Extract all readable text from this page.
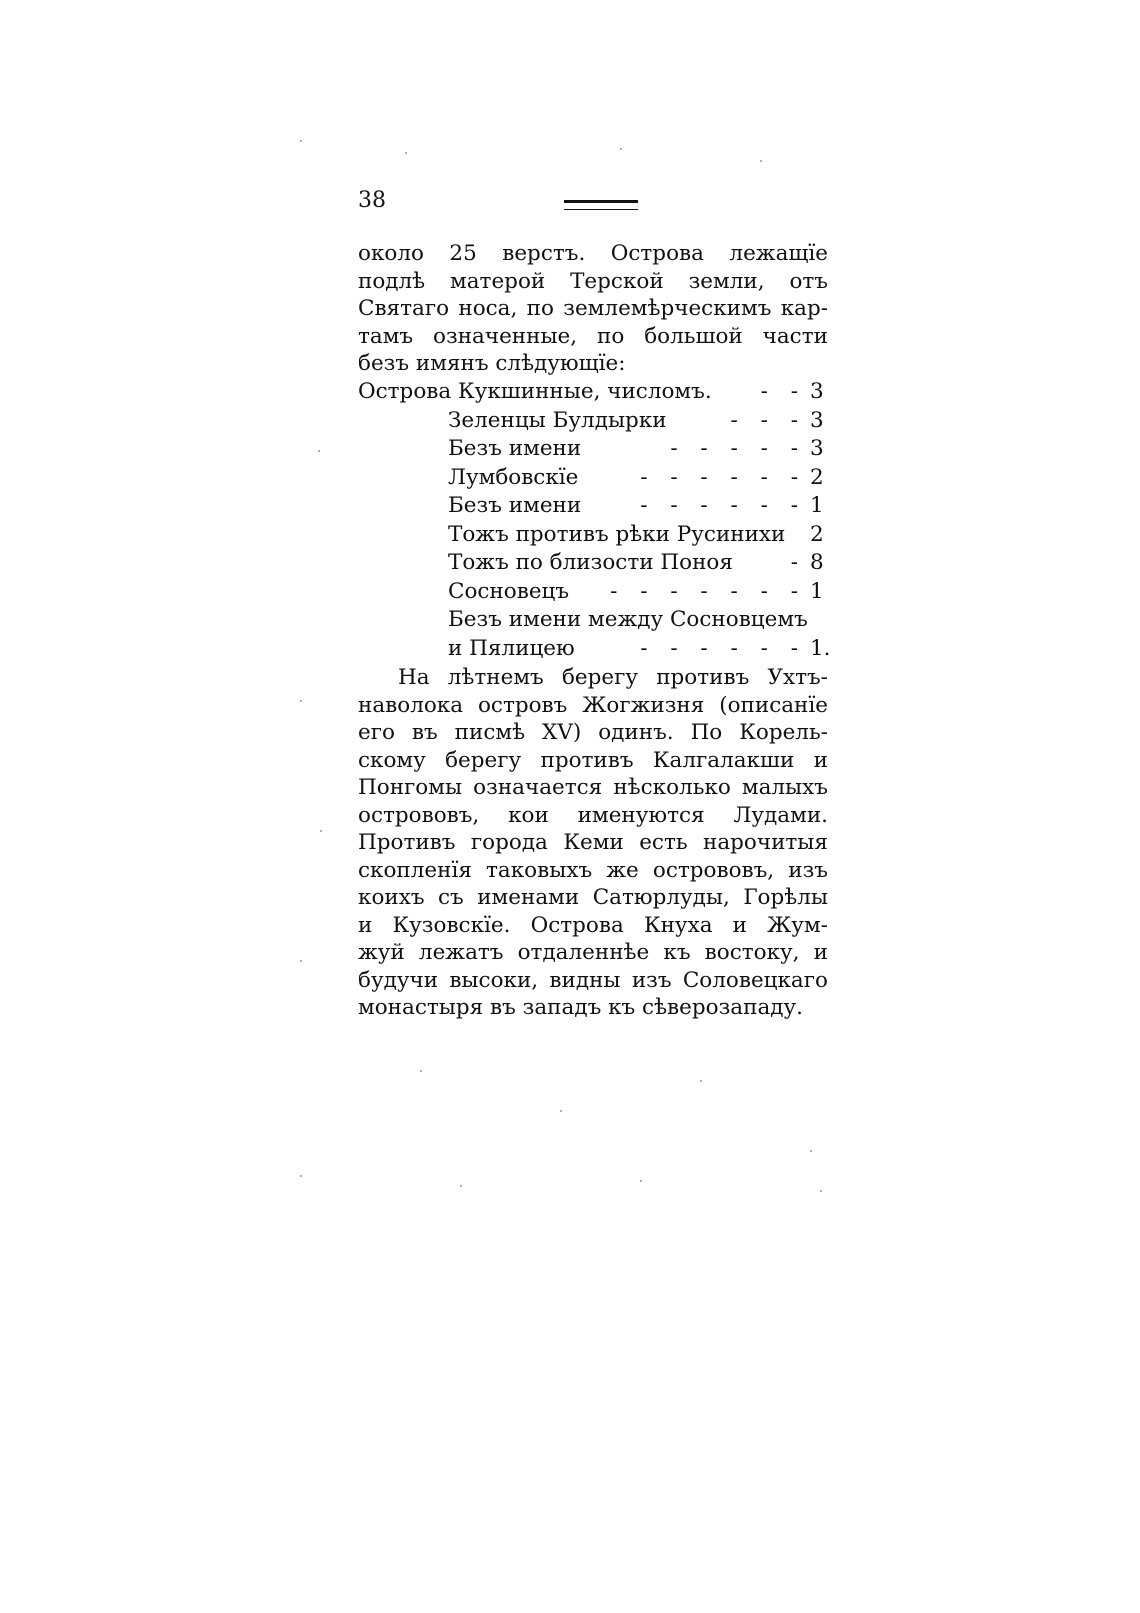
38
около 25 верстъ. Острова лежащїе
подлѣ матерой Терской земли, отъ
Святаго носа, по землемѣрческимъ кар-
тамъ означенные, по большой части
безъ имянъ слѣдующїе:
Острова Кукшинные, числомъ. - - 3
Зеленцы Булдырки	- - - 3
Безъ имени	- - - - - 3
Лумбовскїе	- - - - - - 2
Безъ имени	- - - - - - 1
Тожъ противъ рѣки Русинихи 2
Тожъ по близости Поноя	- 8
Сосновецъ - - - - - - - 1
Безъ имени между Сосновцемъ
и Пялицею	- - - - - - 1.
На лѣтнемъ берегу противъ Ухтъ-
наволока островъ Жогжизня (описанїе
его въ писмѣ XV) одинъ. По Корель-
скому берегу противъ Калгалакши и
Понгомы означается нѣсколько малыхъ
острововъ, кои именуются Лудами.
Противъ города Кеми есть нарочитыя
скопленїя таковыхъ же острововъ, изъ
коихъ съ именами Сатюрлуды, Горѣлы
и Кузовскїе. Острова Кнуха и Жум-
жуй лежатъ отдаленнѣе къ востоку, и
будучи высоки, видны изъ Соловецкаго
монастыря въ западъ къ сѣверозападу.
